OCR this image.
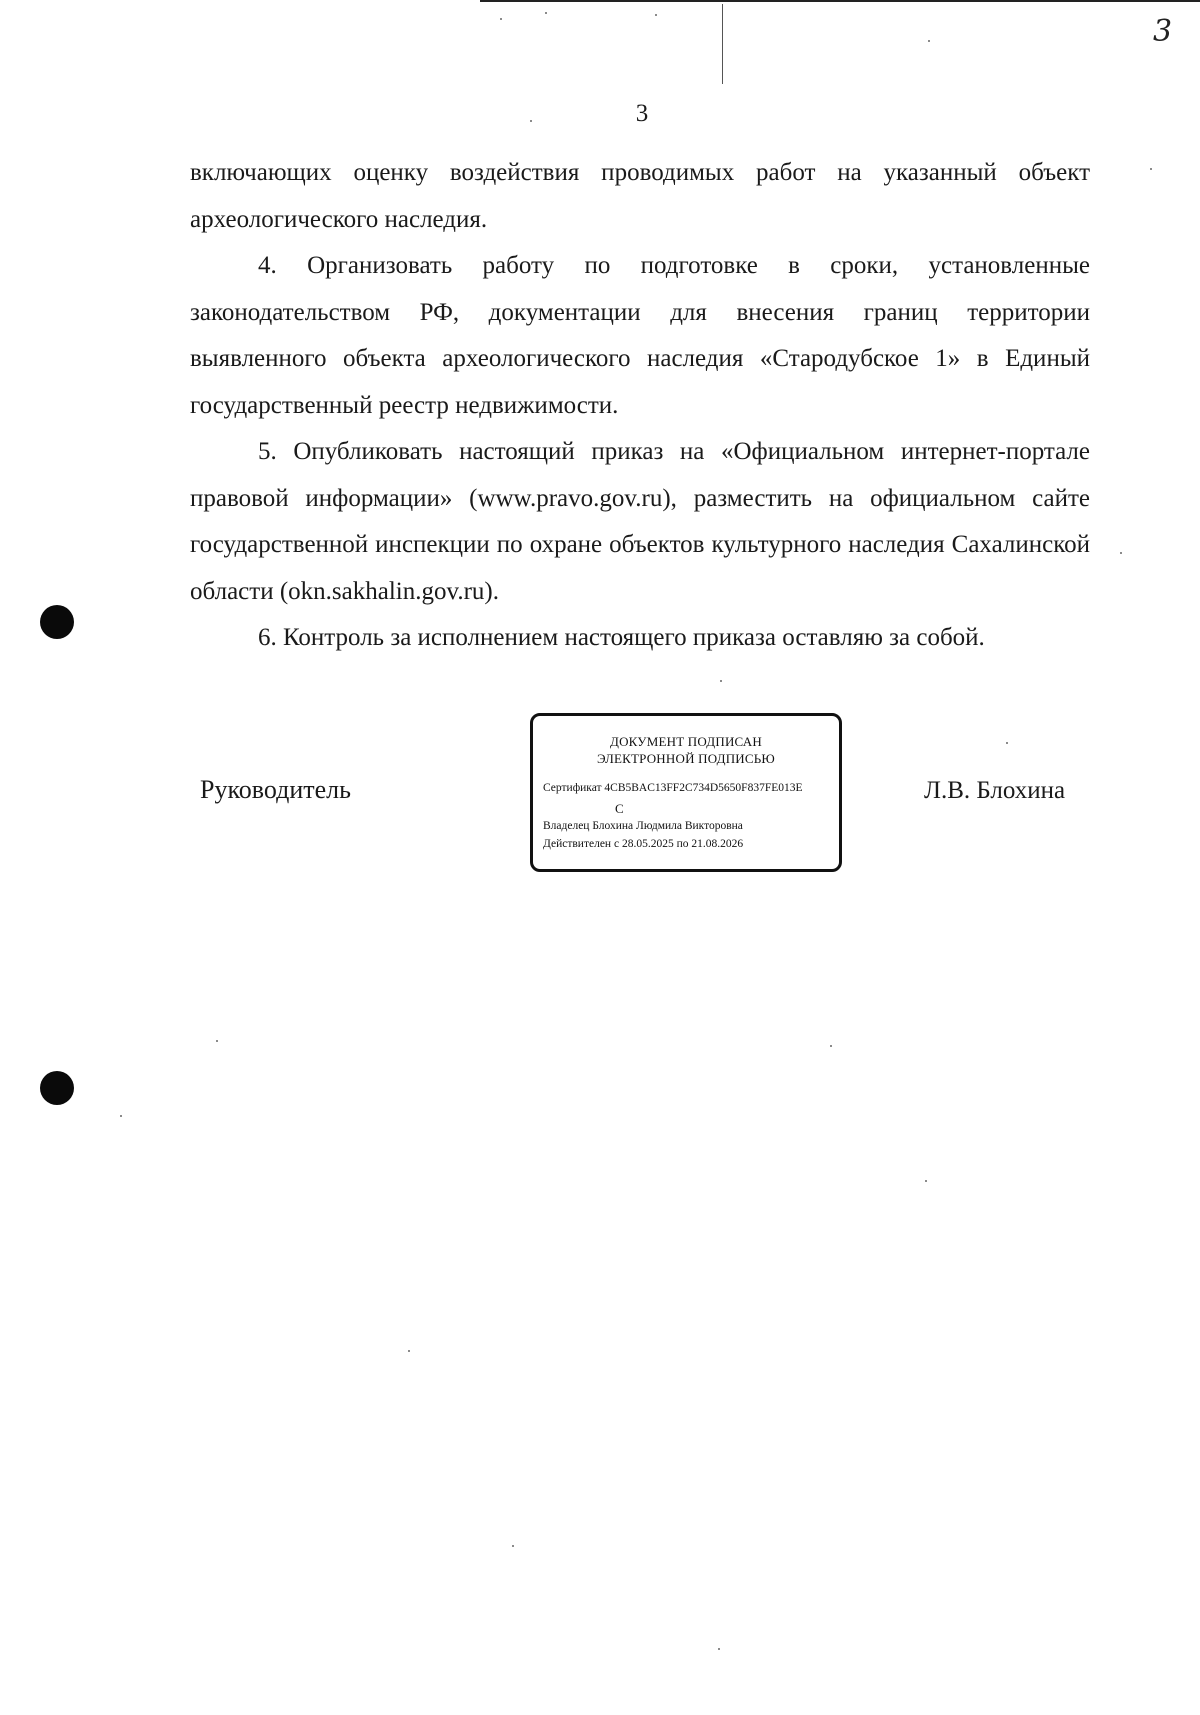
3
3

включающих оценку воздействия проводимых работ на указанный объект археологического наследия.

4. Организовать работу по подготовке в сроки, установленные законодательством РФ, документации для внесения границ территории выявленного объекта археологического наследия «Стародубское 1» в Единый государственный реестр недвижимости.

5. Опубликовать настоящий приказ на «Официальном интернет-портале правовой информации» (www.pravo.gov.ru), разместить на официальном сайте государственной инспекции по охране объектов культурного наследия Сахалинской области (okn.sakhalin.gov.ru).

6. Контроль за исполнением настоящего приказа оставляю за собой.

Руководитель
ДОКУМЕНТ ПОДПИСАН
ЭЛЕКТРОННОЙ ПОДПИСЬЮ
Сертификат 4CB5BAC13FF2C734D5650F837FE013E
C
Владелец Блохина Людмила Викторовна
Действителен с 28.05.2025 по 21.08.2026
Л.В. Блохина
